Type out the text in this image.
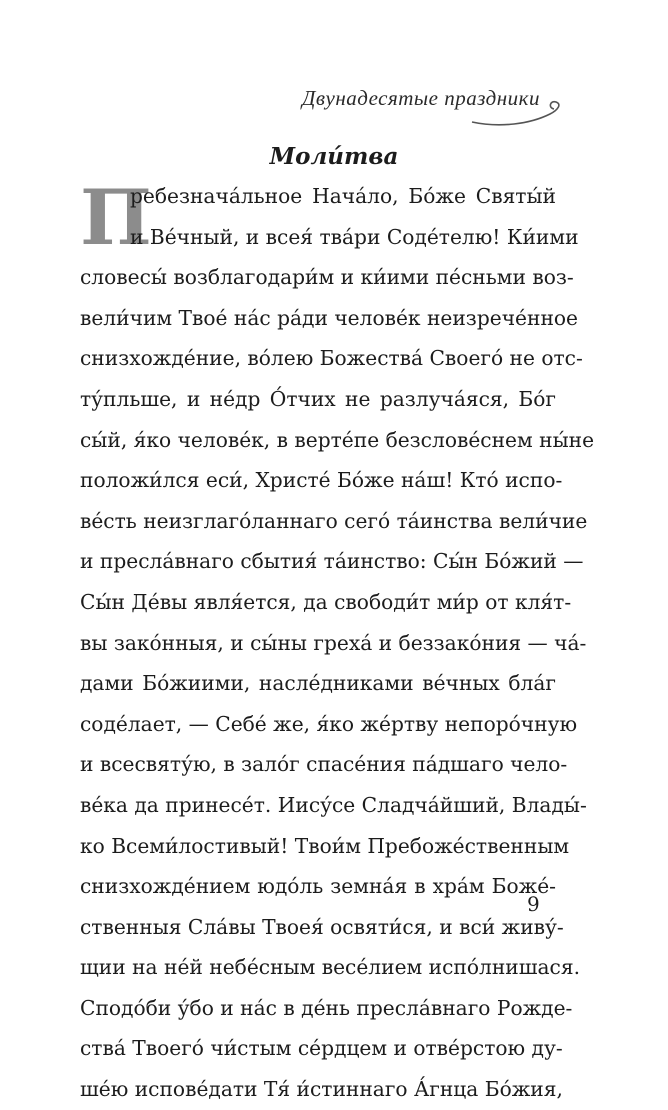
Двунадесятые праздники
Моли́тва
П
ребезнача́льное Нача́ло, Бо́же Святы́й
и Ве́чный, и всея́ тва́ри Соде́телю! Ки́ими
словесы́ возблагодари́м и ки́ими пе́сньми воз-
вели́чим Твое́ на́с ра́ди челове́к неизрече́нное
снизхожде́ние, во́лею Божества́ Своего́ не отс-
ту́пльше, и не́др О́тчих не разлуча́яся, Бо́г
сы́й, я́ко челове́к, в верте́пе безслове́снем ны́не
положи́лся еси́, Христе́ Бо́же на́ш! Кто́ испо-
ве́сть неизглаго́ланнаго сего́ та́инства вели́чие
и пресла́внаго сбытия́ та́инство: Сы́н Бо́жий —
Сы́н Де́вы явля́ется, да свободи́т ми́р от кля́т-
вы зако́нныя, и сы́ны греха́ и беззако́ния — ча́-
дами Бо́жиими, насле́дниками ве́чных бла́г
соде́лает, — Себе́ же, я́ко же́ртву непоро́чную
и всесвяту́ю, в зало́г спасе́ния па́дшаго чело-
ве́ка да принесе́т. Иису́се Сладча́йший, Влады́-
ко Всеми́лостивый! Твои́м Пребоже́ственным
снизхожде́нием юдо́ль земна́я в хра́м Боже́-
ственныя Сла́вы Твоея́ освяти́ся, и вси́ живу́-
щии на не́й небе́сным весе́лием испо́лнишася.
Сподо́би у́бо и на́с в де́нь пресла́внаго Рожде-
ства́ Твоего́ чи́стым се́рдцем и отве́рстою ду-
ше́ю испове́дати Тя́ и́стиннаго А́гнца Бо́жия,
9
